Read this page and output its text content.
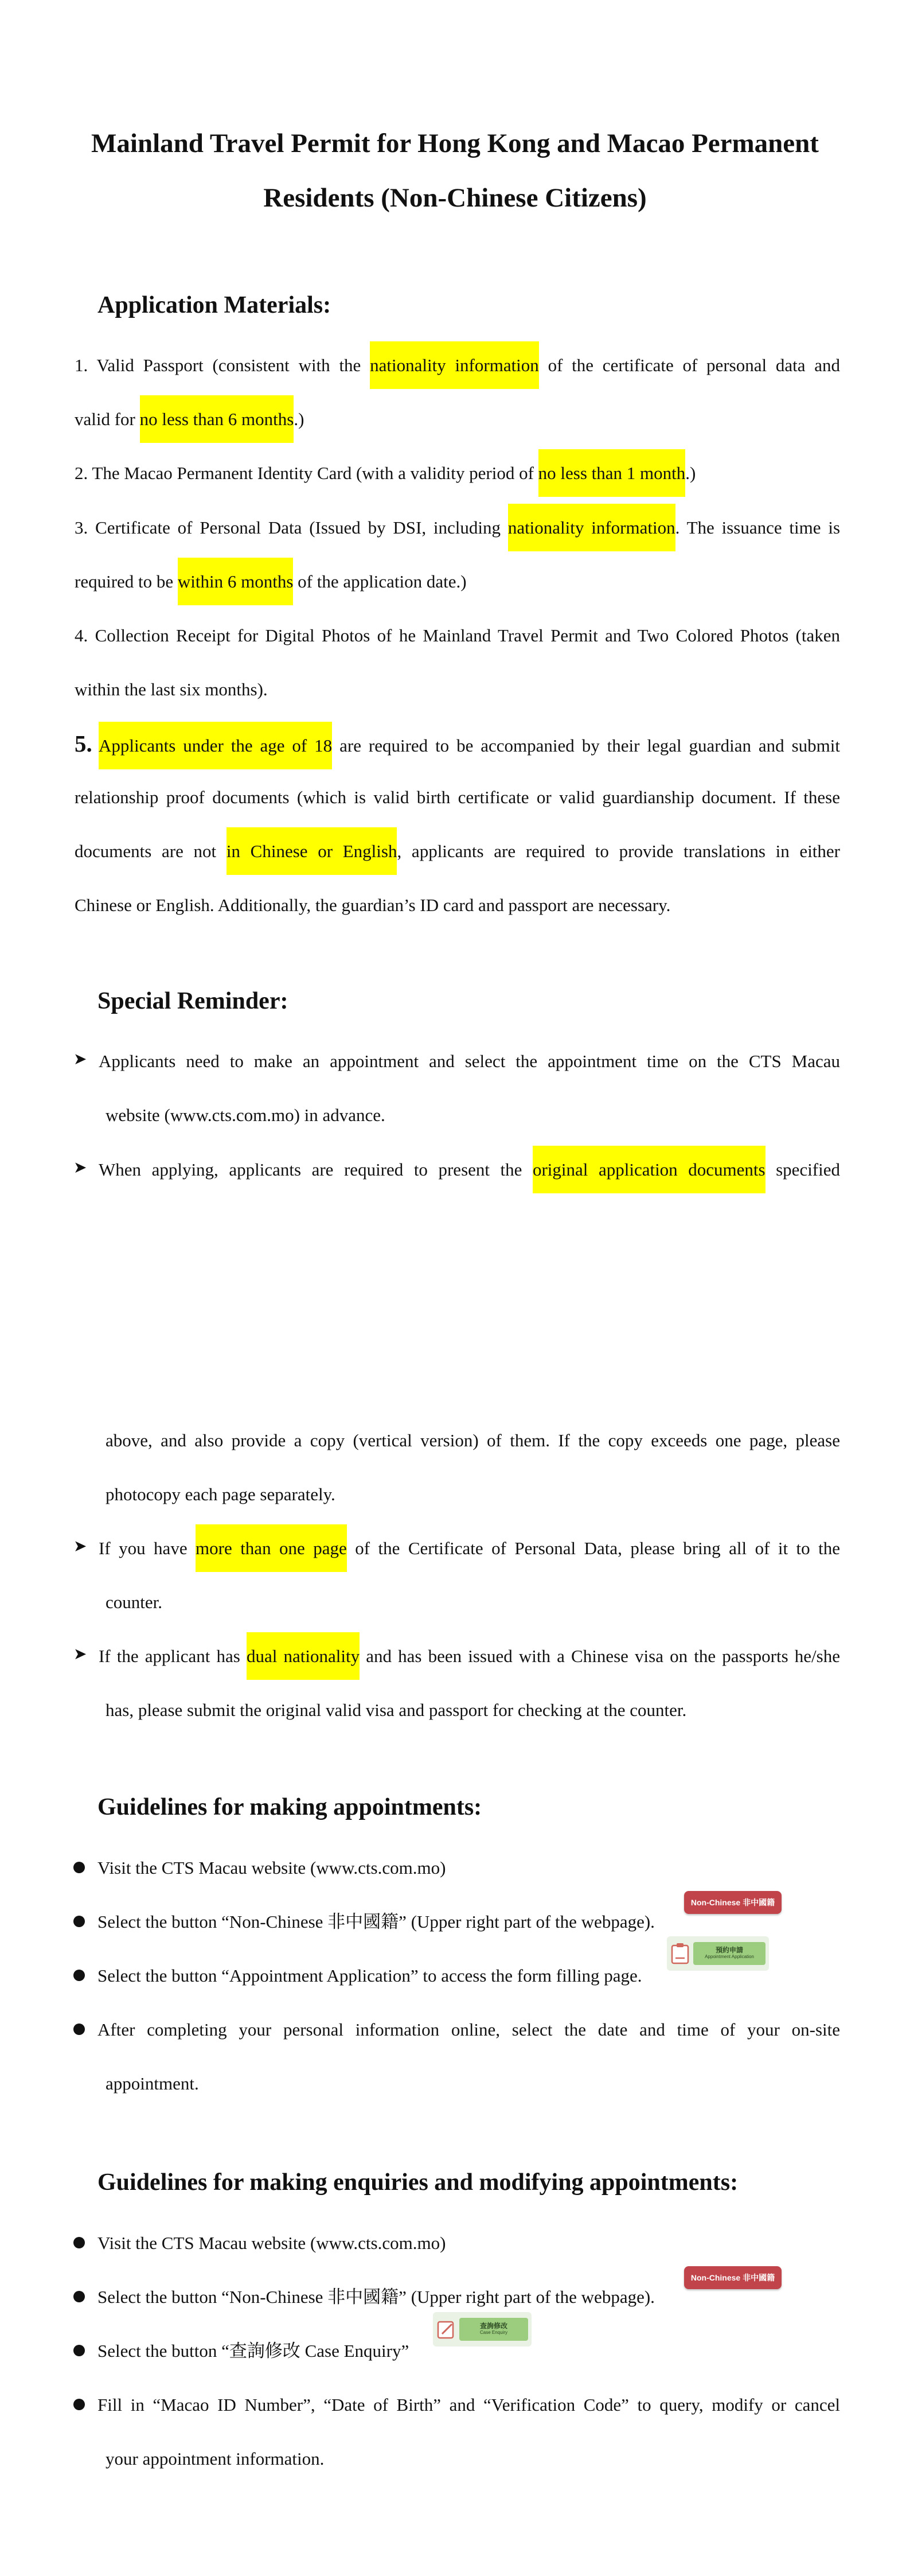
Mainland Travel Permit for Hong Kong and Macao Permanent
Residents (Non-Chinese Citizens)
Application Materials:
1. Valid Passport (consistent with the nationality information of the certificate of personal data and
valid for no less than 6 months.)
2. The Macao Permanent Identity Card (with a validity period of no less than 1 month.)
3. Certificate of Personal Data (Issued by DSI, including nationality information. The issuance time is
required to be within 6 months of the application date.)
4. Collection Receipt for Digital Photos of he Mainland Travel Permit and Two Colored Photos (taken
within the last six months).
5. Applicants under the age of 18 are required to be accompanied by their legal guardian and submit
relationship proof documents (which is valid birth certificate or valid guardianship document. If these
documents are not in Chinese or English, applicants are required to provide translations in either
Chinese or English. Additionally, the guardian’s ID card and passport are necessary.
Special Reminder:
➤ Applicants need to make an appointment and select the appointment time on the CTS Macau
website (www.cts.com.mo) in advance.
➤ When applying, applicants are required to present the original application documents specified
above, and also provide a copy (vertical version) of them. If the copy exceeds one page, please
photocopy each page separately.
➤ If you have more than one page of the Certificate of Personal Data, please bring all of it to the
counter.
➤ If the applicant has dual nationality and has been issued with a Chinese visa on the passports he/she
has, please submit the original valid visa and passport for checking at the counter.
Guidelines for making appointments:
Visit the CTS Macau website (www.cts.com.mo)
Select the button “Non-Chinese 非中國籍” (Upper right part of the webpage).
Non-Chinese 非中國籍
Select the button “Appointment Application” to access the form filling page.
預約申請
Appointment Application
After completing your personal information online, select the date and time of your on-site
appointment.
Guidelines for making enquiries and modifying appointments:
Visit the CTS Macau website (www.cts.com.mo)
Select the button “Non-Chinese 非中國籍” (Upper right part of the webpage).
Non-Chinese 非中國籍
Select the button “查詢修改 Case Enquiry”
查詢修改
Case Enquiry
Fill in “Macao ID Number”, “Date of Birth” and “Verification Code” to query, modify or cancel
your appointment information.
